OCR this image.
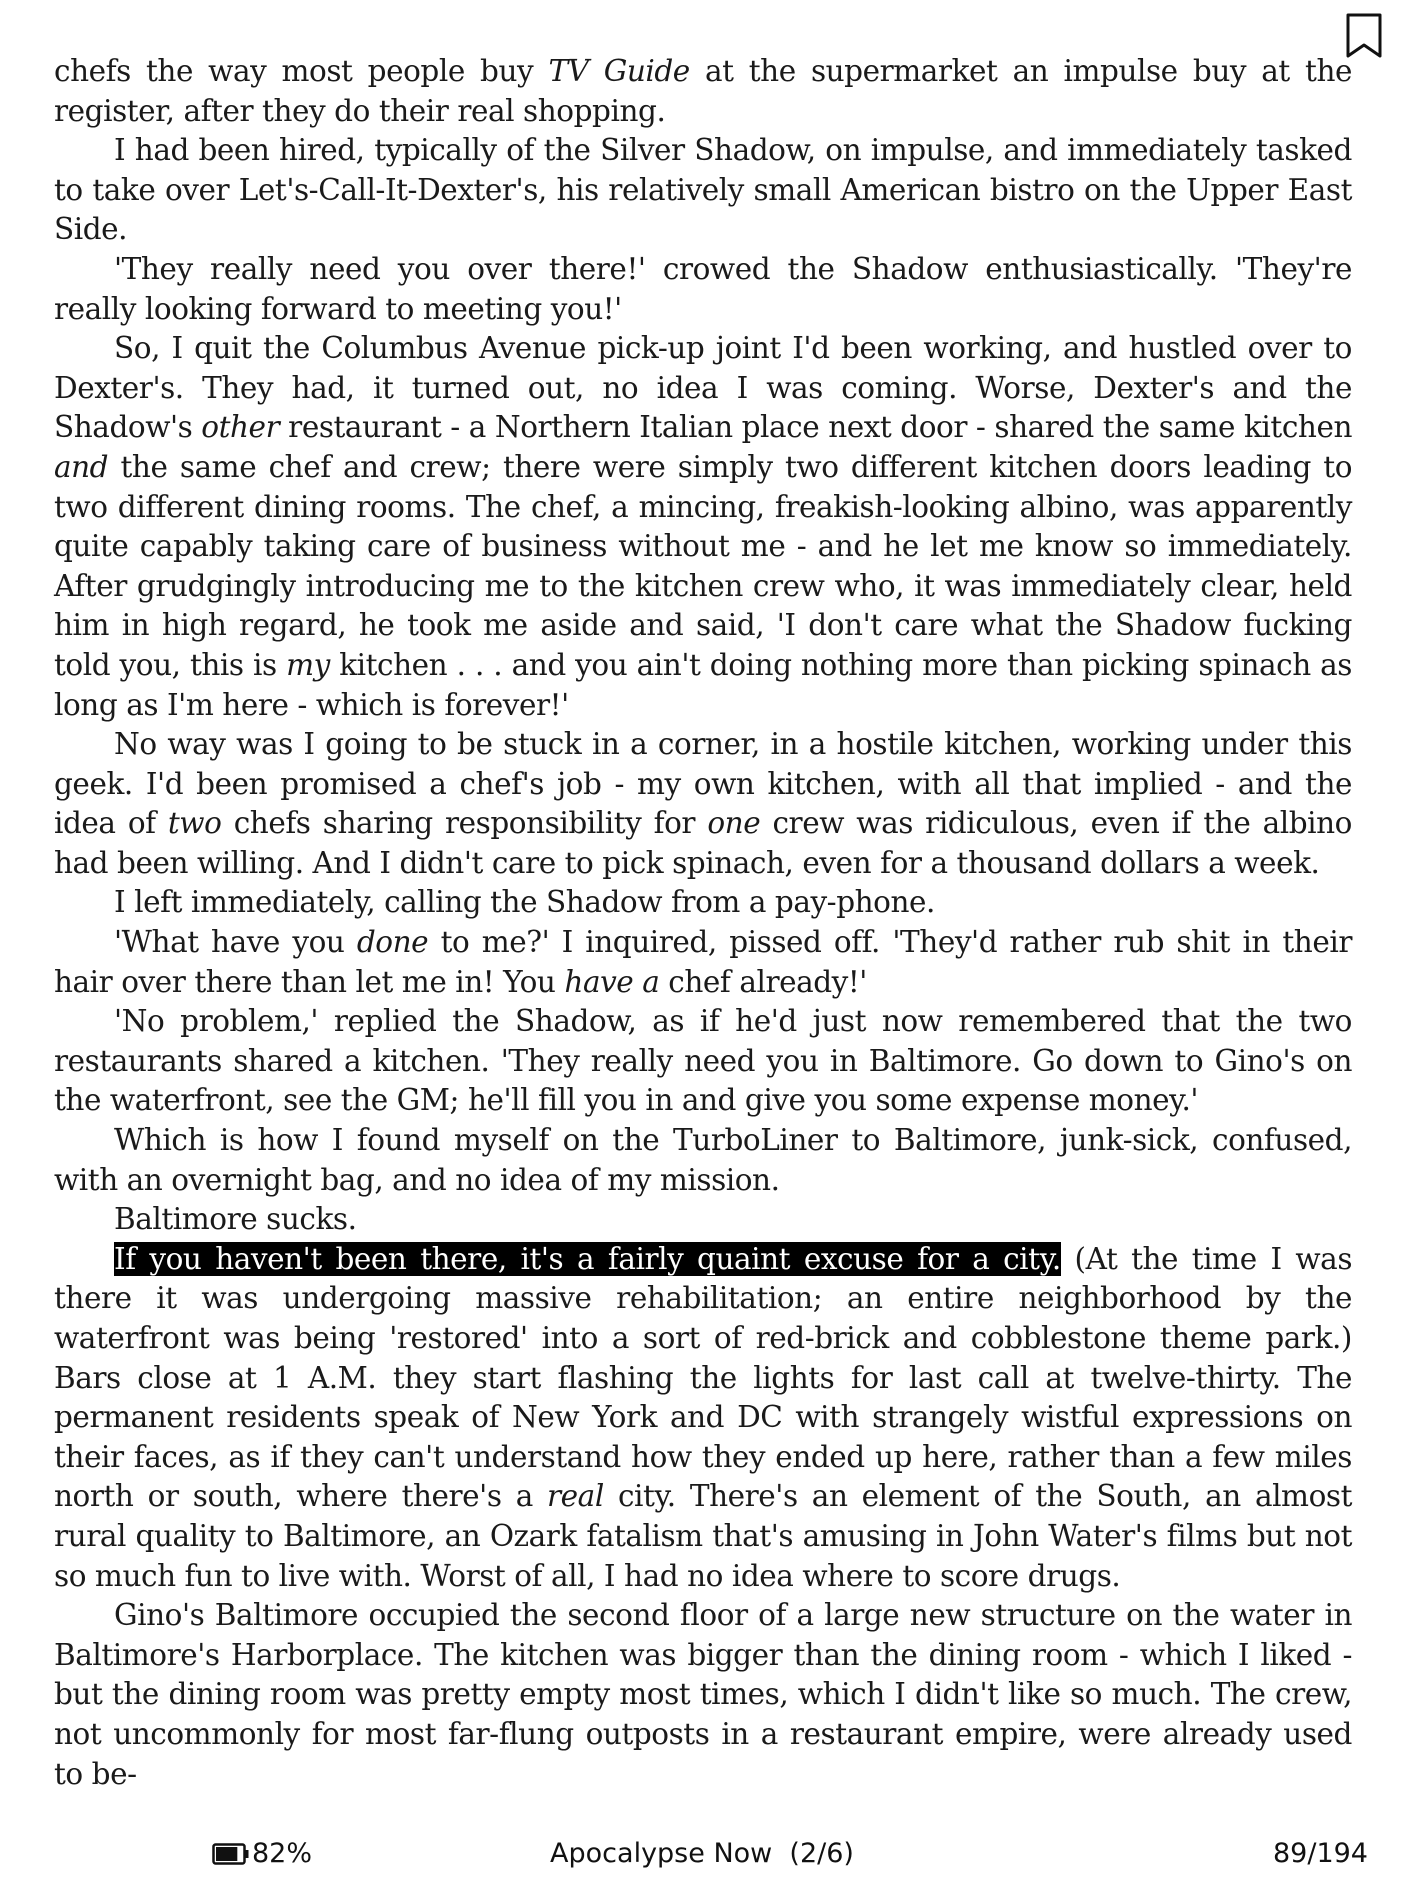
chefs the way most people buy TV Guide at the supermarket an impulse buy at the register, after they do their real shopping.

I had been hired, typically of the Silver Shadow, on impulse, and immediately tasked to take over Let's-Call-It-Dexter's, his relatively small American bistro on the Upper East Side.

'They really need you over there!' crowed the Shadow enthusiastically. 'They're really looking forward to meeting you!'

So, I quit the Columbus Avenue pick-up joint I'd been working, and hustled over to Dexter's. They had, it turned out, no idea I was coming. Worse, Dexter's and the Shadow's other restaurant - a Northern Italian place next door - shared the same kitchen and the same chef and crew; there were simply two different kitchen doors leading to two different dining rooms. The chef, a mincing, freakish-looking albino, was apparently quite capably taking care of business without me - and he let me know so immediately. After grudgingly introducing me to the kitchen crew who, it was immediately clear, held him in high regard, he took me aside and said, 'I don't care what the Shadow fucking told you, this is my kitchen . . . and you ain't doing nothing more than picking spinach as long as I'm here - which is forever!'

No way was I going to be stuck in a corner, in a hostile kitchen, working under this geek. I'd been promised a chef's job - my own kitchen, with all that implied - and the idea of two chefs sharing responsibility for one crew was ridiculous, even if the albino had been willing. And I didn't care to pick spinach, even for a thousand dollars a week.

I left immediately, calling the Shadow from a pay-phone.

'What have you done to me?' I inquired, pissed off. 'They'd rather rub shit in their hair over there than let me in! You have a chef already!'

'No problem,' replied the Shadow, as if he'd just now remembered that the two restaurants shared a kitchen. 'They really need you in Baltimore. Go down to Gino's on the waterfront, see the GM; he'll fill you in and give you some expense money.'

Which is how I found myself on the TurboLiner to Baltimore, junk-sick, confused, with an overnight bag, and no idea of my mission.

Baltimore sucks.

If you haven't been there, it's a fairly quaint excuse for a city. (At the time I was there it was undergoing massive rehabilitation; an entire neighborhood by the waterfront was being 'restored' into a sort of red-brick and cobblestone theme park.) Bars close at 1 A.M. they start flashing the lights for last call at twelve-thirty. The permanent residents speak of New York and DC with strangely wistful expressions on their faces, as if they can't understand how they ended up here, rather than a few miles north or south, where there's a real city. There's an element of the South, an almost rural quality to Baltimore, an Ozark fatalism that's amusing in John Water's films but not so much fun to live with. Worst of all, I had no idea where to score drugs.

Gino's Baltimore occupied the second floor of a large new structure on the water in Baltimore's Harborplace. The kitchen was bigger than the dining room - which I liked - but the dining room was pretty empty most times, which I didn't like so much. The crew, not uncommonly for most far-flung outposts in a restaurant empire, were already used to be-

82%	Apocalypse Now  (2/6)	89/194
